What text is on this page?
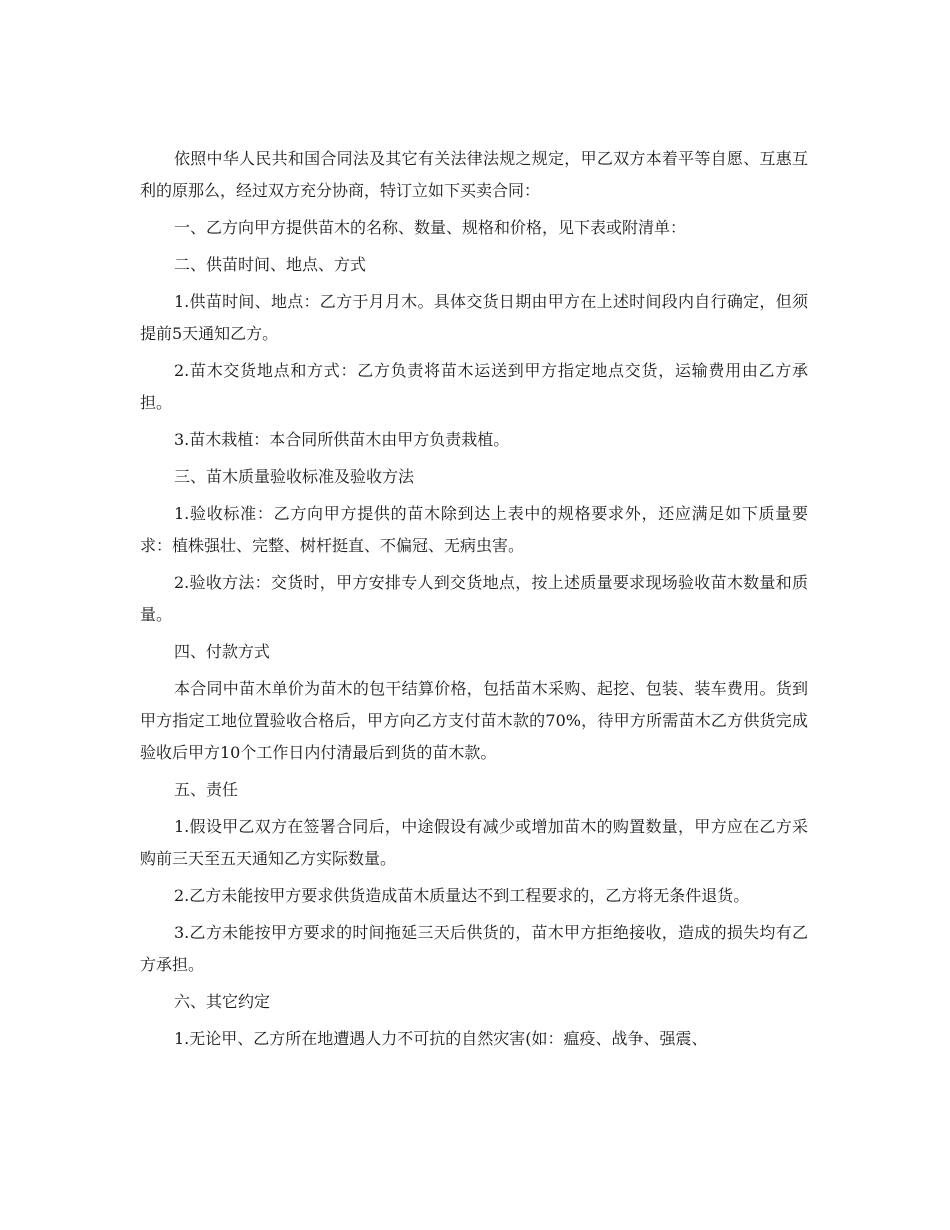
依照中华人民共和国合同法及其它有关法律法规之规定，甲乙双方本着平等自愿、互惠互利的原那么，经过双方充分协商，特订立如下买卖合同：

一、乙方向甲方提供苗木的名称、数量、规格和价格，见下表或附清单：

二、供苗时间、地点、方式

1.供苗时间、地点：乙方于月月木。具体交货日期由甲方在上述时间段内自行确定，但须提前5天通知乙方。

2.苗木交货地点和方式：乙方负责将苗木运送到甲方指定地点交货，运输费用由乙方承担。

3.苗木栽植：本合同所供苗木由甲方负责栽植。

三、苗木质量验收标准及验收方法

1.验收标准：乙方向甲方提供的苗木除到达上表中的规格要求外，还应满足如下质量要求：植株强壮、完整、树杆挺直、不偏冠、无病虫害。

2.验收方法：交货时，甲方安排专人到交货地点，按上述质量要求现场验收苗木数量和质量。

四、付款方式

本合同中苗木单价为苗木的包干结算价格，包括苗木采购、起挖、包装、装车费用。货到甲方指定工地位置验收合格后，甲方向乙方支付苗木款的70%，待甲方所需苗木乙方供货完成验收后甲方10个工作日内付清最后到货的苗木款。

五、责任

1.假设甲乙双方在签署合同后，中途假设有减少或增加苗木的购置数量，甲方应在乙方采购前三天至五天通知乙方实际数量。

2.乙方未能按甲方要求供货造成苗木质量达不到工程要求的，乙方将无条件退货。

3.乙方未能按甲方要求的时间拖延三天后供货的，苗木甲方拒绝接收，造成的损失均有乙方承担。

六、其它约定

1.无论甲、乙方所在地遭遇人力不可抗的自然灾害(如：瘟疫、战争、强震、
